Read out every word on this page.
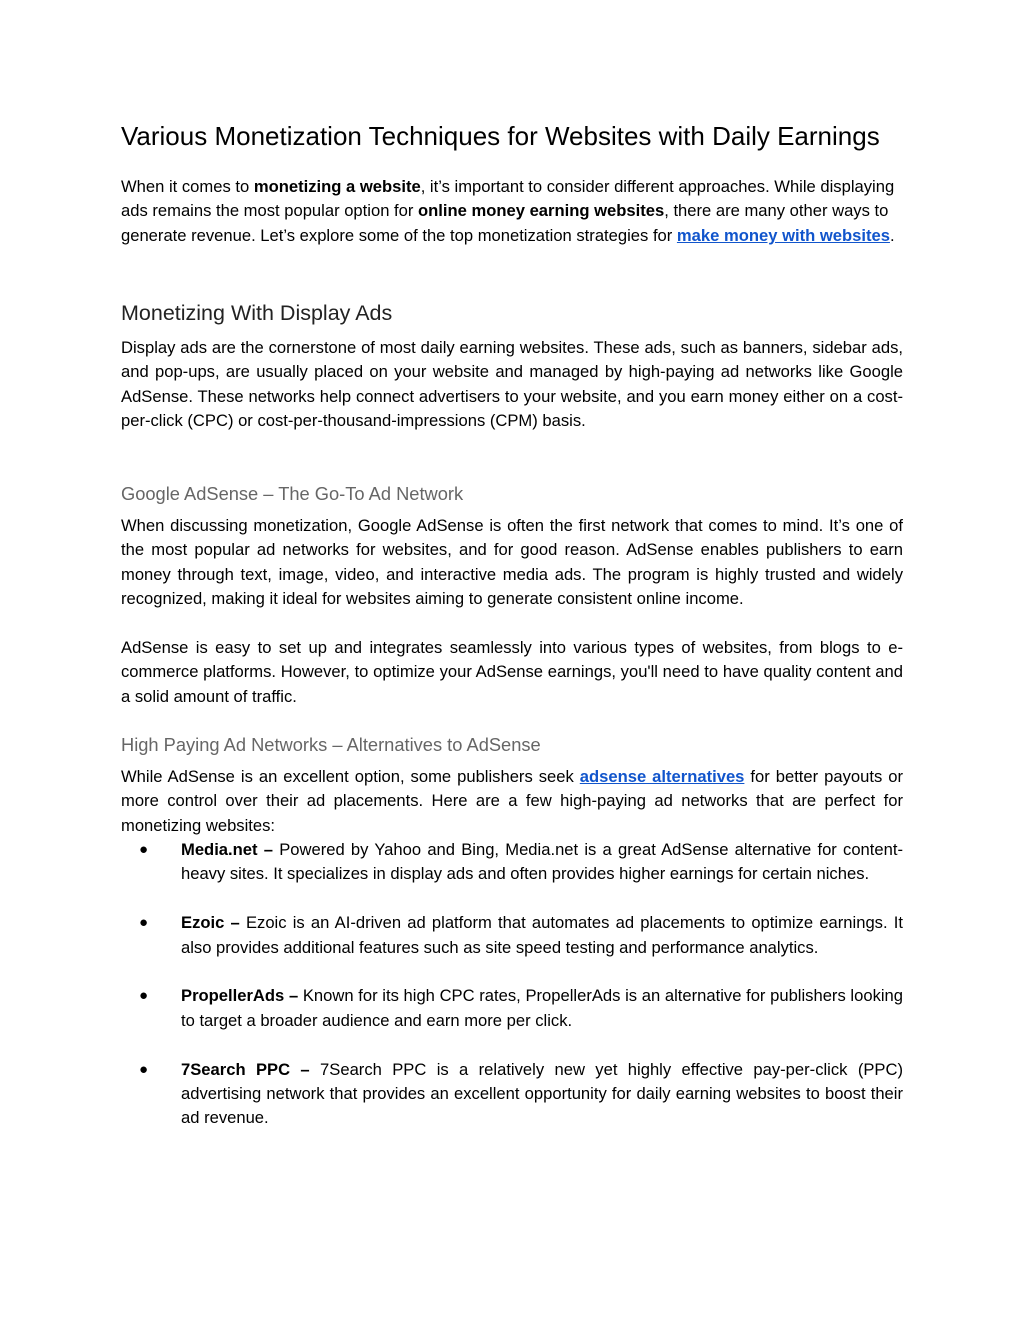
Various Monetization Techniques for Websites with Daily Earnings

When it comes to monetizing a website, it’s important to consider different approaches. While displaying ads remains the most popular option for online money earning websites, there are many other ways to generate revenue. Let’s explore some of the top monetization strategies for make money with websites.

Monetizing With Display Ads

Display ads are the cornerstone of most daily earning websites. These ads, such as banners, sidebar ads, and pop-ups, are usually placed on your website and managed by high-paying ad networks like Google AdSense. These networks help connect advertisers to your website, and you earn money either on a cost-per-click (CPC) or cost-per-thousand-impressions (CPM) basis.

Google AdSense – The Go-To Ad Network

When discussing monetization, Google AdSense is often the first network that comes to mind. It’s one of the most popular ad networks for websites, and for good reason. AdSense enables publishers to earn money through text, image, video, and interactive media ads. The program is highly trusted and widely recognized, making it ideal for websites aiming to generate consistent online income.

AdSense is easy to set up and integrates seamlessly into various types of websites, from blogs to e-commerce platforms. However, to optimize your AdSense earnings, you'll need to have quality content and a solid amount of traffic.

High Paying Ad Networks – Alternatives to AdSense

While AdSense is an excellent option, some publishers seek adsense alternatives for better payouts or more control over their ad placements. Here are a few high-paying ad networks that are perfect for monetizing websites:

● Media.net – Powered by Yahoo and Bing, Media.net is a great AdSense alternative for content-heavy sites. It specializes in display ads and often provides higher earnings for certain niches.
● Ezoic – Ezoic is an AI-driven ad platform that automates ad placements to optimize earnings. It also provides additional features such as site speed testing and performance analytics.
● PropellerAds – Known for its high CPC rates, PropellerAds is an alternative for publishers looking to target a broader audience and earn more per click.
● 7Search PPC – 7Search PPC is a relatively new yet highly effective pay-per-click (PPC) advertising network that provides an excellent opportunity for daily earning websites to boost their ad revenue.
